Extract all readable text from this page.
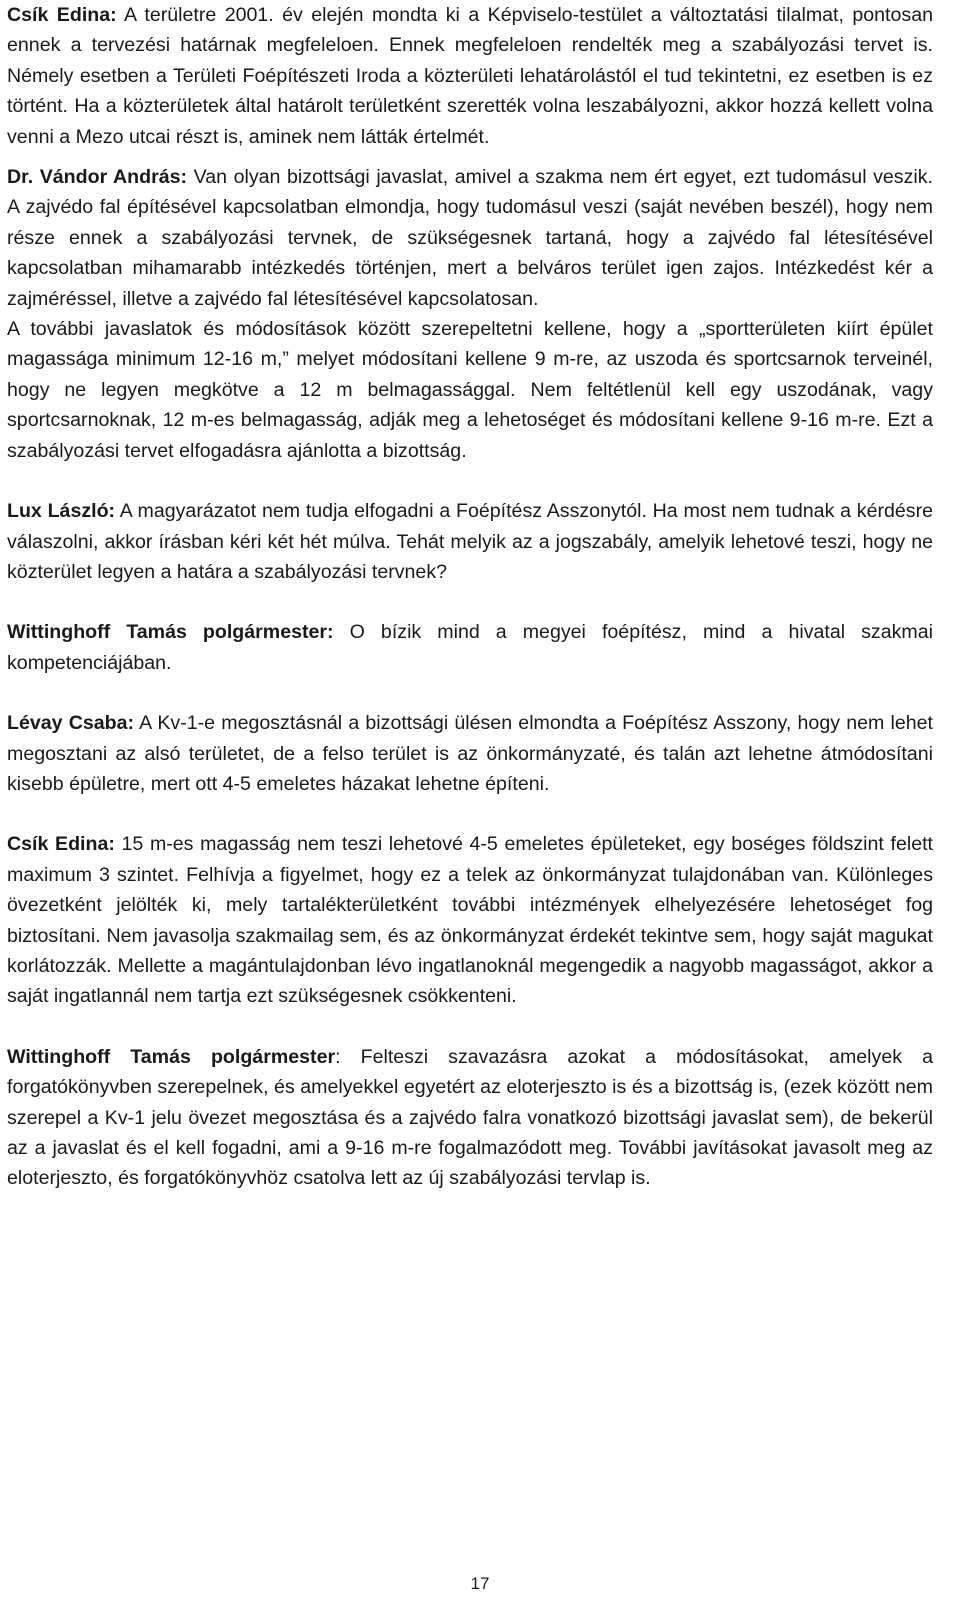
Csík Edina: A területre 2001. év elején mondta ki a Képviselo-testület a változtatási tilalmat, pontosan ennek a tervezési határnak megfeleloen. Ennek megfeleloen rendelték meg a szabályozási tervet is. Némely esetben a Területi Foépítészeti Iroda a közterületi lehatárolástól el tud tekintetni, ez esetben is ez történt. Ha a közterületek által határolt területként szerették volna leszabályozni, akkor hozzá kellett volna venni a Mezo utcai részt is, aminek nem látták értelmét.

Dr. Vándor András: Van olyan bizottsági javaslat, amivel a szakma nem ért egyet, ezt tudomásul veszik. A zajvédo fal építésével kapcsolatban elmondja, hogy tudomásul veszi (saját nevében beszél), hogy nem része ennek a szabályozási tervnek, de szükségesnek tartaná, hogy a zajvédo fal létesítésével kapcsolatban mihamarabb intézkedés történjen, mert a belváros terület igen zajos. Intézkedést kér a zajméréssel, illetve a zajvédo fal létesítésével kapcsolatosan.

A további javaslatok és módosítások között szerepeltetni kellene, hogy a „sportterületen kiírt épület magassága minimum 12-16 m,” melyet módosítani kellene 9 m-re, az uszoda és sportcsarnok terveinél, hogy ne legyen megkötve a 12 m belmagassággal. Nem feltétlenül kell egy uszodának, vagy sportcsarnoknak, 12 m-es belmagasság, adják meg a lehetoséget és módosítani kellene 9-16 m-re. Ezt a szabályozási tervet elfogadásra ajánlotta a bizottság.

Lux László: A magyarázatot nem tudja elfogadni a Foépítész Asszonytól. Ha most nem tudnak a kérdésre válaszolni, akkor írásban kéri két hét múlva. Tehát melyik az a jogszabály, amelyik lehetové teszi, hogy ne közterület legyen a határa a szabályozási tervnek?

Wittinghoff Tamás polgármester: O bízik mind a megyei foépítész, mind a hivatal szakmai kompetenciájában.

Lévay Csaba: A Kv-1-e megosztásnál a bizottsági ülésen elmondta a Foépítész Asszony, hogy nem lehet megosztani az alsó területet, de a felso terület is az önkormányzaté, és talán azt lehetne átmódosítani kisebb épületre, mert ott 4-5 emeletes házakat lehetne építeni.

Csík Edina: 15 m-es magasság nem teszi lehetové 4-5 emeletes épületeket, egy boséges földszint felett maximum 3 szintet. Felhívja a figyelmet, hogy ez a telek az önkormányzat tulajdonában van. Különleges övezetként jelölték ki, mely tartalékterületként további intézmények elhelyezésére lehetoséget fog biztosítani. Nem javasolja szakmailag sem, és az önkormányzat érdekét tekintve sem, hogy saját magukat korlátozzák. Mellette a magántulajdonban lévo ingatlanoknál megengedik a nagyobb magasságot, akkor a saját ingatlannál nem tartja ezt szükségesnek csökkenteni.

Wittinghoff Tamás polgármester: Felteszi szavazásra azokat a módosításokat, amelyek a forgatókönyvben szerepelnek, és amelyekkel egyetért az eloterjeszto is és a bizottság is, (ezek között nem szerepel a Kv-1 jelu övezet megosztása és a zajvédo falra vonatkozó bizottsági javaslat sem), de bekerül az a javaslat és el kell fogadni, ami a 9-16 m-re fogalmazódott meg. További javításokat javasolt meg az eloterjeszto, és forgatókönyvhöz csatolva lett az új szabályozási tervlap is.

17
